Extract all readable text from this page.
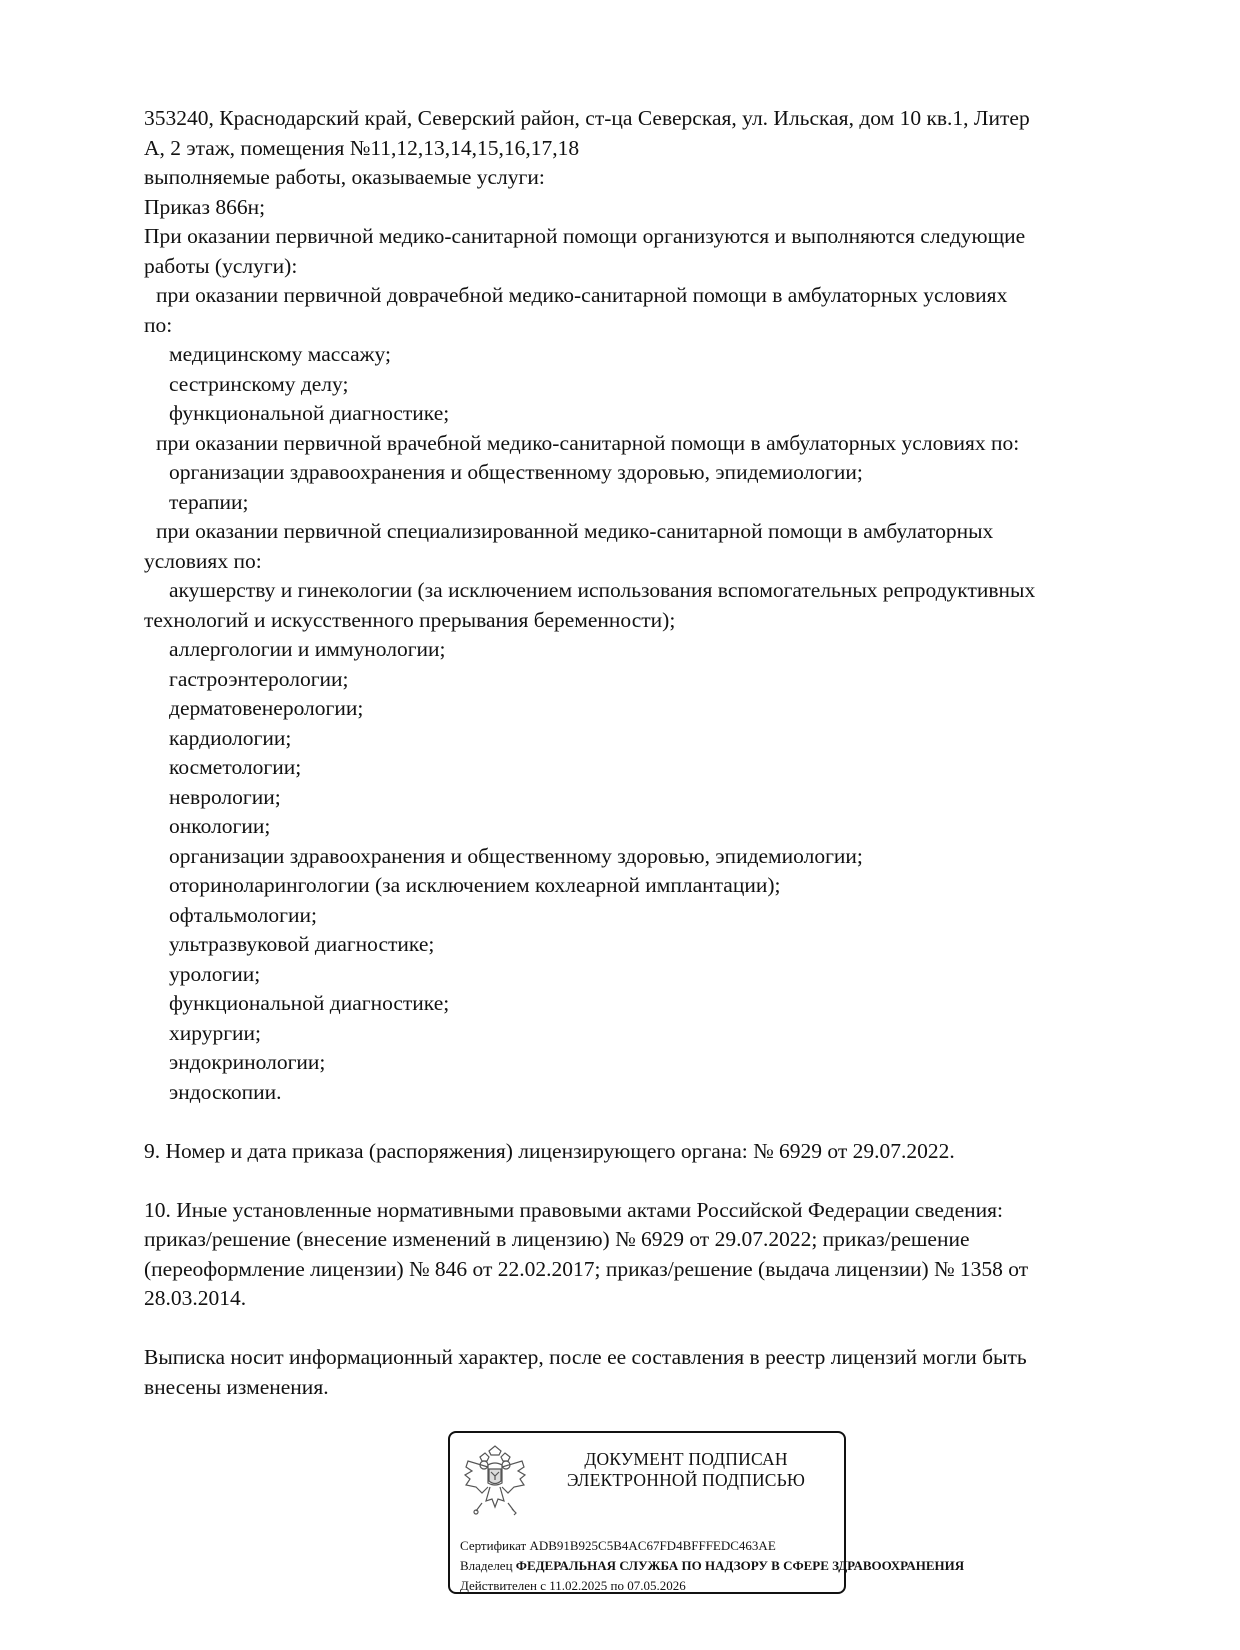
353240, Краснодарский край, Северский район, ст-ца Северская, ул. Ильская, дом 10 кв.1, Литер
А, 2 этаж, помещения №11,12,13,14,15,16,17,18
выполняемые работы, оказываемые услуги:
Приказ 866н;
При оказании первичной медико-санитарной помощи организуются и выполняются следующие
работы (услуги):
при оказании первичной доврачебной медико-санитарной помощи в амбулаторных условиях
по:
медицинскому массажу;
сестринскому делу;
функциональной диагностике;
при оказании первичной врачебной медико-санитарной помощи в амбулаторных условиях по:
организации здравоохранения и общественному здоровью, эпидемиологии;
терапии;
при оказании первичной специализированной медико-санитарной помощи в амбулаторных
условиях по:
акушерству и гинекологии (за исключением использования вспомогательных репродуктивных
технологий и искусственного прерывания беременности);
аллергологии и иммунологии;
гастроэнтерологии;
дерматовенерологии;
кардиологии;
косметологии;
неврологии;
онкологии;
организации здравоохранения и общественному здоровью, эпидемиологии;
оториноларингологии (за исключением кохлеарной имплантации);
офтальмологии;
ультразвуковой диагностике;
урологии;
функциональной диагностике;
хирургии;
эндокринологии;
эндоскопии.
9. Номер и дата приказа (распоряжения) лицензирующего органа: № 6929 от 29.07.2022.
10. Иные установленные нормативными правовыми актами Российской Федерации сведения:
приказ/решение (внесение изменений в лицензию) № 6929 от 29.07.2022; приказ/решение
(переоформление лицензии) № 846 от 22.02.2017; приказ/решение (выдача лицензии) № 1358 от
28.03.2014.
Выписка носит информационный характер, после ее составления в реестр лицензий могли быть
внесены изменения.
ДОКУМЕНТ ПОДПИСАН
ЭЛЕКТРОННОЙ ПОДПИСЬЮ
Сертификат ADB91B925C5B4AC67FD4BFFFEDC463AE
Владелец ФЕДЕРАЛЬНАЯ СЛУЖБА ПО НАДЗОРУ В СФЕРЕ ЗДРАВООХРАНЕНИЯ
Действителен с 11.02.2025 по 07.05.2026
